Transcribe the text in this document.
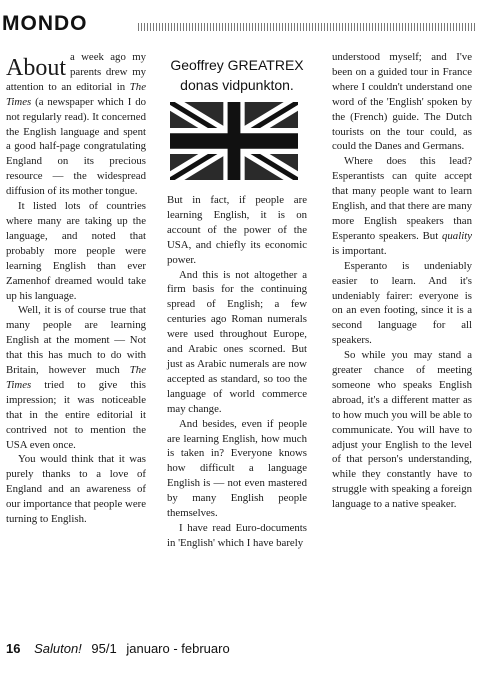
MONDO

About a week ago my parents drew my attention to an editorial in The Times (a newspaper which I do not regularly read). It concerned the English language and spent a good half-page congratulating England on its precious resource — the widespread diffusion of its mother tongue.

It listed lots of countries where many are taking up the language, and noted that probably more people were learning English than ever Zamenhof dreamed would take up his language.

Well, it is of course true that many people are learning English at the moment — Not that this has much to do with Britain, however much The Times tried to give this impression; it was noticeable that in the entire editorial it contrived not to mention the USA even once.

You would think that it was purely thanks to a love of England and an awareness of our importance that people were turning to English.

Geoffrey GREATREX donas vidpunkton.

But in fact, if people are learning English, it is on account of the power of the USA, and chiefly its economic power.

And this is not altogether a firm basis for the continuing spread of English; a few centuries ago Roman numerals were used throughout Europe, and Arabic ones scorned. But just as Arabic numerals are now accepted as standard, so too the language of world commerce may change.

And besides, even if people are learning English, how much is taken in? Everyone knows how difficult a language English is — not even mastered by many English people themselves.

I have read Euro-documents in 'English' which I have barely

understood myself; and I've been on a guided tour in France where I couldn't understand one word of the 'English' spoken by the (French) guide. The Dutch tourists on the tour could, as could the Danes and Germans.

Where does this lead? Esperantists can quite accept that many people want to learn English, and that there are many more English speakers than Esperanto speakers. But quality is important.

Esperanto is undeniably easier to learn. And it's undeniably fairer: everyone is on an even footing, since it is a second language for all speakers.

So while you may stand a greater chance of meeting someone who speaks English abroad, it's a different matter as to how much you will be able to communicate. You will have to adjust your English to the level of that person's understanding, while they constantly have to struggle with speaking a foreign language to a native speaker.

16 Saluton! 95/1 januaro - februaro
